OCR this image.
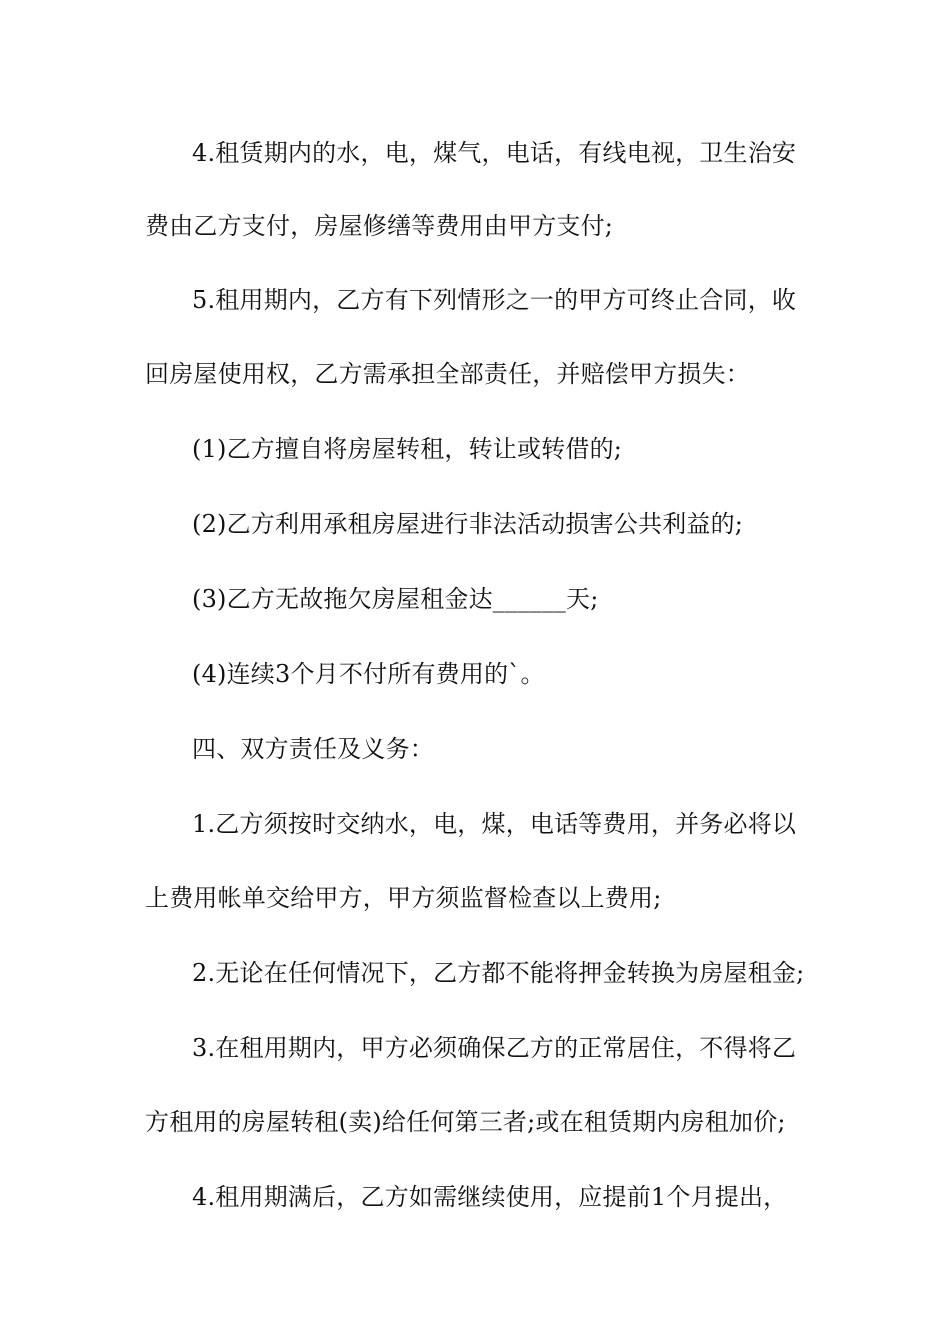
4.租赁期内的水，电，煤气，电话，有线电视，卫生治安
费由乙方支付，房屋修缮等费用由甲方支付;
5.租用期内，乙方有下列情形之一的甲方可终止合同，收
回房屋使用权，乙方需承担全部责任，并赔偿甲方损失：
(1)乙方擅自将房屋转租，转让或转借的;
(2)乙方利用承租房屋进行非法活动损害公共利益的;
(3)乙方无故拖欠房屋租金达______天;
(4)连续3个月不付所有费用的`。
四、双方责任及义务：
1.乙方须按时交纳水，电，煤，电话等费用，并务必将以
上费用帐单交给甲方，甲方须监督检查以上费用;
2.无论在任何情况下，乙方都不能将押金转换为房屋租金;
3.在租用期内，甲方必须确保乙方的正常居住，不得将乙
方租用的房屋转租(卖)给任何第三者;或在租赁期内房租加价;
4.租用期满后，乙方如需继续使用，应提前1个月提出，
